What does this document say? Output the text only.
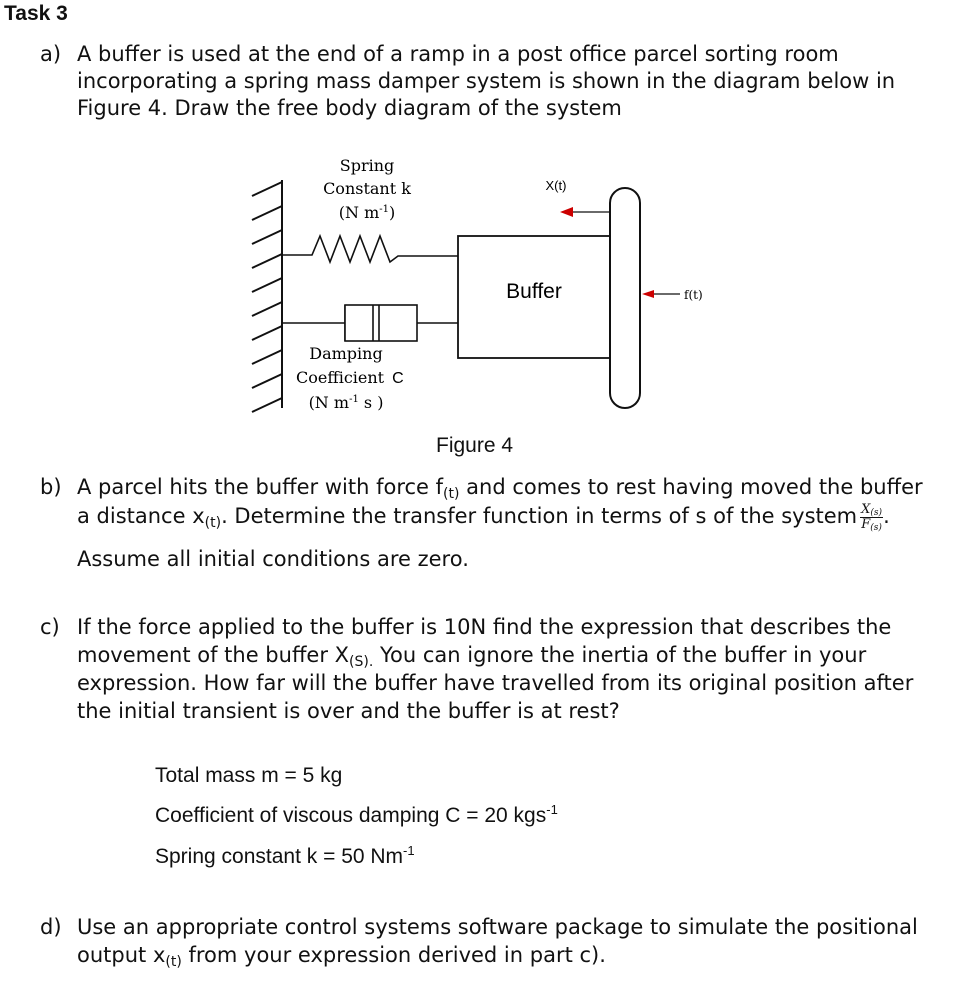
Task 3
a) A buffer is used at the end of a ramp in a post office parcel sorting room
incorporating a spring mass damper system is shown in the diagram below in
Figure 4. Draw the free body diagram of the system
Spring
Constant k
(N $m^{-1}$)
Damping
Coefficient C
(N $m^{-1}$ s )
Buffer
X(t)
f(t)
Figure 4
b) A parcel hits the buffer with force $f_{(t)}$ and comes to rest having moved the buffer
a distance $x_{(t)}$. Determine the transfer function in terms of s of the system $\frac{X_{(s)}}{F_{(s)}}$ .
Assume all initial conditions are zero.
c) If the force applied to the buffer is 10N find the expression that describes the
movement of the buffer $X_{(S).}$ You can ignore the inertia of the buffer in your
expression. How far will the buffer have travelled from its original position after
the initial transient is over and the buffer is at rest?
Total mass m = 5 kg
Coefficient of viscous damping C = 20 kgs$^{-1}$
Spring constant k = 50 $Nm^{-1}$
d) Use an appropriate control systems software package to simulate the positional
output $x_{(t)}$ from your expression derived in part c).
